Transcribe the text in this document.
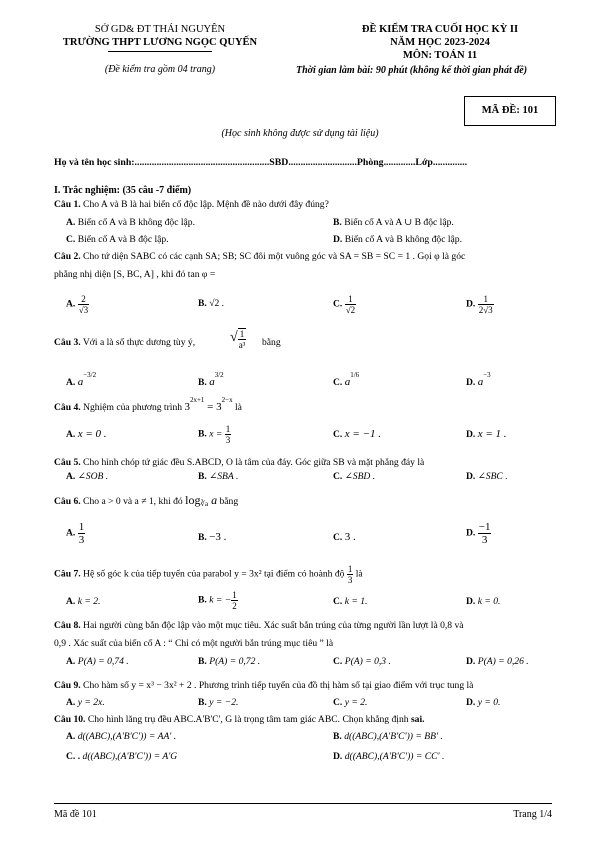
SỞ GD& ĐT THÁI NGUYÊN
TRƯỜNG THPT LƯƠNG NGỌC QUYẾN
(Đề kiểm tra gồm 04 trang)
ĐỀ KIỂM TRA CUỐI HỌC KỲ II
NĂM HỌC 2023-2024
MÔN: TOÁN 11
Thời gian làm bài: 90 phút (không kể thời gian phát đề)
MÃ ĐỀ: 101
(Học sinh không được sử dụng tài liệu)
Họ và tên học sinh:.......................................................SBD............................Phòng.............Lớp..............
I. Trắc nghiệm: (35 câu -7 điểm)
Câu 1. Cho A và B là hai biến cố độc lập. Mệnh đề nào dưới đây đúng?
A. Biến cố A và B không độc lập.	B. Biến cố A và A ∪ B độc lập.
C. Biến cố A và B độc lập.	D. Biến cố A và B không độc lập.
Câu 2. Cho tứ diện SABC có các cạnh SA; SB; SC đôi một vuông góc và SA = SB = SC = 1 . Gọi φ là góc
phẳng nhị diện [S, BC, A] , khi đó tan φ =
A. $\frac{2}{√3}$	B. √2 .	C. $\frac{1}{√2}$	D. $\frac{1}{2√3}$
Câu 3. Với a là số thực dương tùy ý, √ $\frac{1}{\text{a³}}$ bằng
A. $a^{-3/2}$
B. $a^{3/2}$
C. $a^{1/6}$
D. $a^{-3}$
Câu 4. Nghiệm của phương trình $3^{2x+1} = 3^{2-x}$ là
A. x = 0 .	B. $x = \frac{1}{3}$	C. x = −1 .	D. x = 1 .
Câu 5. Cho hình chóp tứ giác đều S.ABCD, O là tâm của đáy. Góc giữa SB và mặt phẳng đáy là
A. ∠SOB .	B. ∠SBA .	C. ∠SBD .	D. ∠SBC .
Câu 6. Cho a > 0 và a ≠ 1, khi đó log∛a a bằng
A. $\frac{1}{3}$	B. −3 .	C. 3 .	D. $\frac{-1}{3}$
Câu 7. Hệ số góc k của tiếp tuyến của parabol y = 3x² tại điểm có hoành độ $\frac{1}{3}$ là
A. k = 2.	B. k = − $\frac{1}{2}$	C. k = 1.	D. k = 0.
Câu 8. Hai người cùng bắn độc lập vào một mục tiêu. Xác suất bắn trúng của từng người lần lượt là 0,8 và
0,9 . Xác suất của biến cố A : “ Chỉ có một người bắn trúng mục tiêu ” là
A. P(A) = 0,74 .	B. P(A) = 0,72 .	C. P(A) = 0,3 .	D. P(A) = 0,26 .
Câu 9. Cho hàm số y = x³ − 3x² + 2 . Phương trình tiếp tuyến của đồ thị hàm số tại giao điểm với trục tung là
A. y = 2x.	B. y = −2.	C. y = 2.	D. y = 0.
Câu 10. Cho hình lăng trụ đều ABC.A'B'C', G là trọng tâm tam giác ABC. Chọn khẳng định sai.
A. d((ABC),(A'B'C')) = AA' .	B. d((ABC),(A'B'C')) = BB' .
C. . d((ABC),(A'B'C')) = A'G	D. d((ABC),(A'B'C')) = CC' .
Mã đề 101	Trang 1/4
